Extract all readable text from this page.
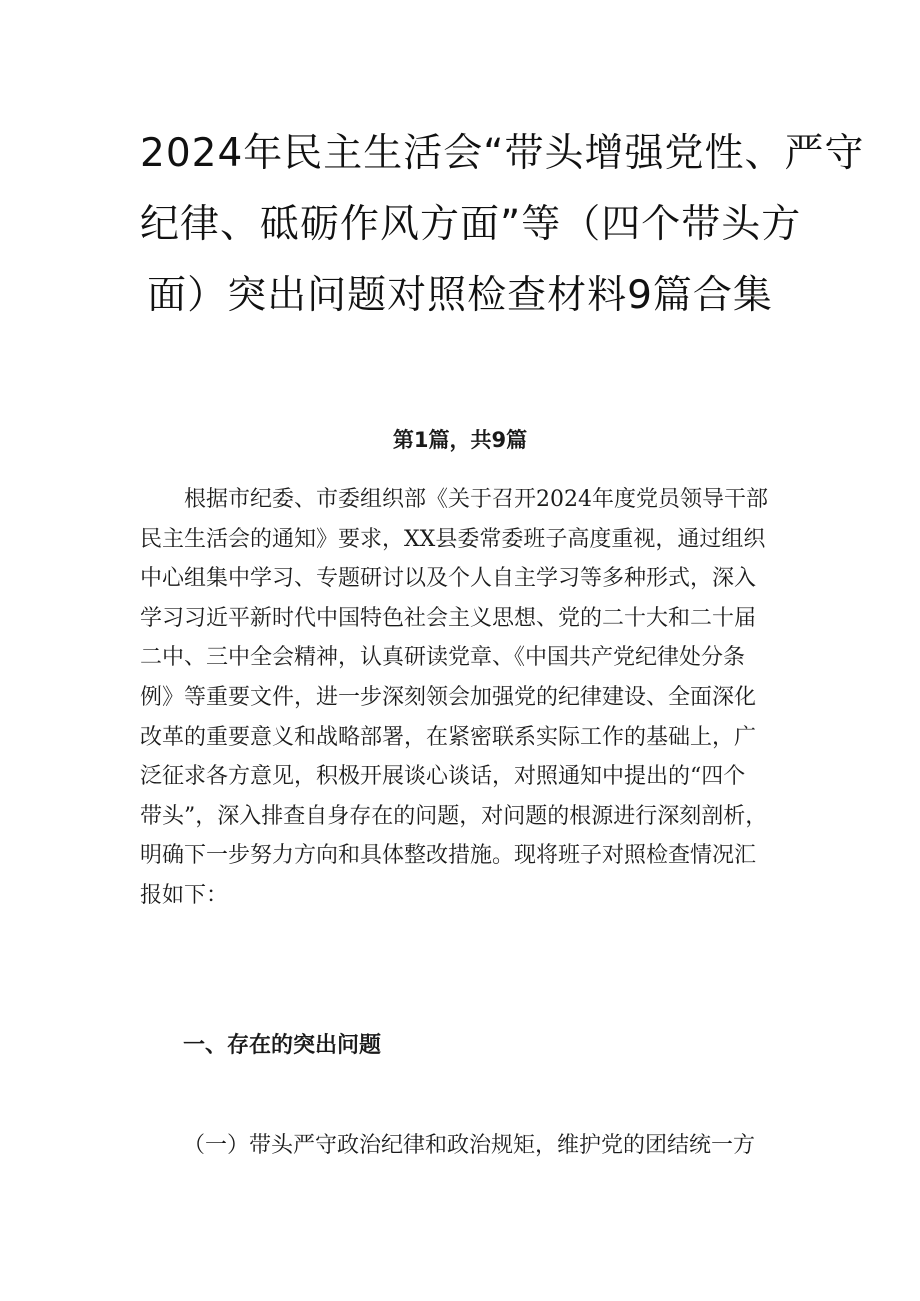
2024年民主生活会“带头增强党性、严守
纪律、砥砺作风方面”等（四个带头方
面）突出问题对照检查材料9篇合集

第1篇，共9篇

　　根据市纪委、市委组织部《关于召开2024年度党员领导干部
民主生活会的通知》要求，XX县委常委班子高度重视，通过组织
中心组集中学习、专题研讨以及个人自主学习等多种形式，深入
学习习近平新时代中国特色社会主义思想、党的二十大和二十届
二中、三中全会精神，认真研读党章、《中国共产党纪律处分条
例》等重要文件，进一步深刻领会加强党的纪律建设、全面深化
改革的重要意义和战略部署，在紧密联系实际工作的基础上，广
泛征求各方意见，积极开展谈心谈话，对照通知中提出的“四个
带头”，深入排查自身存在的问题，对问题的根源进行深刻剖析，
明确下一步努力方向和具体整改措施。现将班子对照检查情况汇
报如下：

一、存在的突出问题

（一）带头严守政治纪律和政治规矩，维护党的团结统一方
